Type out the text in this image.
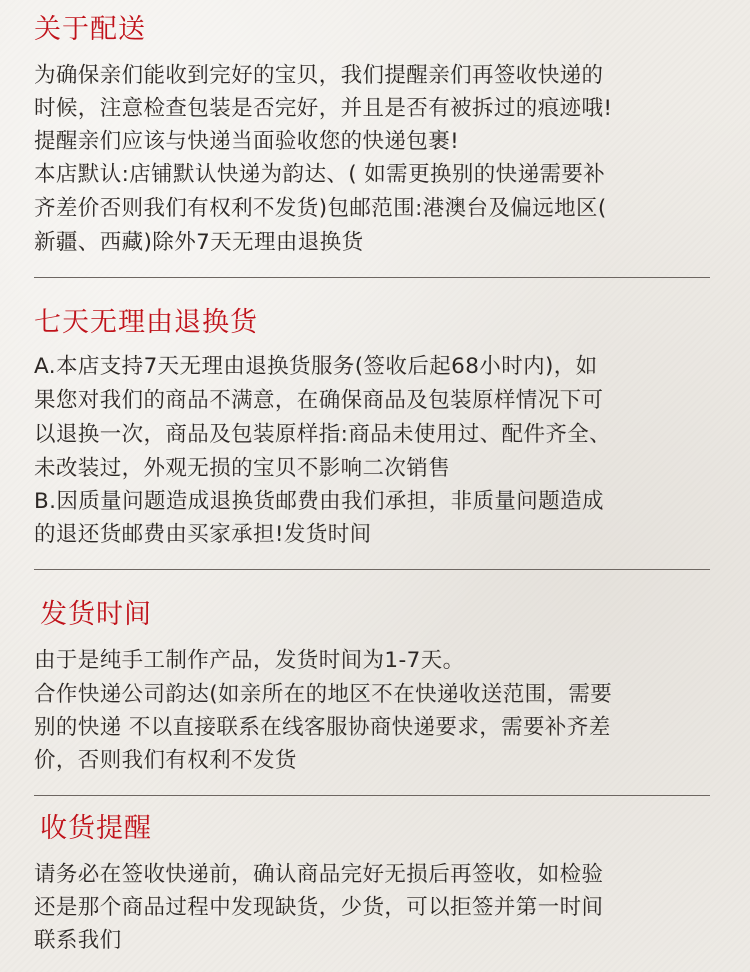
关于配送

为确保亲们能收到完好的宝贝，我们提醒亲们再签收快递的

时候，注意检查包装是否完好，并且是否有被拆过的痕迹哦!

提醒亲们应该与快递当面验收您的快递包裹!

本店默认:店铺默认快递为韵达、( 如需更换别的快递需要补

齐差价否则我们有权利不发货)包邮范围:港澳台及偏远地区(

新疆、西藏)除外7天无理由退换货

七天无理由退换货

A.本店支持7天无理由退换货服务(签收后起68小时内)，如

果您对我们的商品不满意，在确保商品及包装原样情况下可

以退换一次，商品及包装原样指:商品未使用过、配件齐全、

未改装过，外观无损的宝贝不影响二次销售

B.因质量问题造成退换货邮费由我们承担，非质量问题造成

的退还货邮费由买家承担!发货时间

发货时间

由于是纯手工制作产品，发货时间为1-7天。

合作快递公司韵达(如亲所在的地区不在快递收送范围，需要

别的快递 不以直接联系在线客服协商快递要求，需要补齐差

价，否则我们有权利不发货

收货提醒

请务必在签收快递前，确认商品完好无损后再签收，如检验

还是那个商品过程中发现缺货，少货，可以拒签并第一时间

联系我们
